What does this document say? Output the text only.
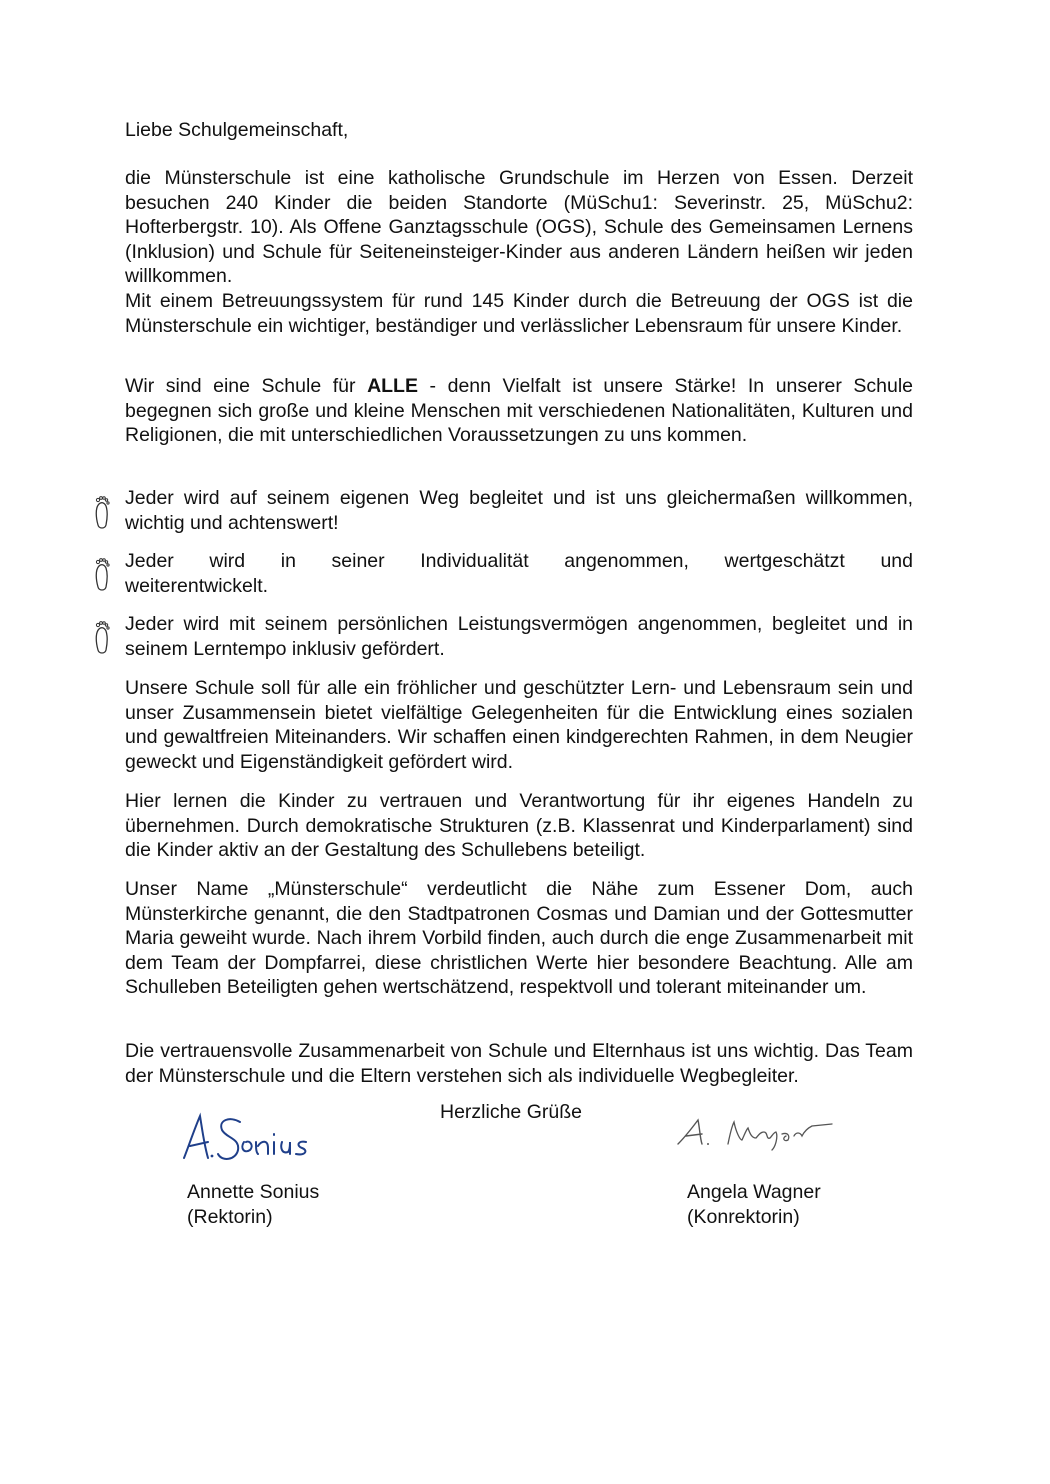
Liebe Schulgemeinschaft,

die Münsterschule ist eine katholische Grundschule im Herzen von Essen. Derzeit besuchen 240 Kinder die beiden Standorte (MüSchu1: Severinstr. 25, MüSchu2: Hofterbergstr. 10). Als Offene Ganztagsschule (OGS), Schule des Gemeinsamen Lernens (Inklusion) und Schule für Seiteneinsteiger-Kinder aus anderen Ländern heißen wir jeden willkommen.
Mit einem Betreuungssystem für rund 145 Kinder durch die Betreuung der OGS ist die Münsterschule ein wichtiger, beständiger und verlässlicher Lebensraum für unsere Kinder.

Wir sind eine Schule für ALLE - denn Vielfalt ist unsere Stärke! In unserer Schule begegnen sich große und kleine Menschen mit verschiedenen Nationalitäten, Kulturen und Religionen, die mit unterschiedlichen Voraussetzungen zu uns kommen.

Jeder wird auf seinem eigenen Weg begleitet und ist uns gleichermaßen willkommen, wichtig und achtenswert!

Jeder wird in seiner Individualität angenommen, wertgeschätzt und
weiterentwickelt.

Jeder wird mit seinem persönlichen Leistungsvermögen angenommen, begleitet und in seinem Lerntempo inklusiv gefördert.

Unsere Schule soll für alle ein fröhlicher und geschützter Lern- und Lebensraum sein und unser Zusammensein bietet vielfältige Gelegenheiten für die Entwicklung eines sozialen und gewaltfreien Miteinanders. Wir schaffen einen kindgerechten Rahmen, in dem Neugier geweckt und Eigenständigkeit gefördert wird.

Hier lernen die Kinder zu vertrauen und Verantwortung für ihr eigenes Handeln zu übernehmen. Durch demokratische Strukturen (z.B. Klassenrat und Kinderparlament) sind die Kinder aktiv an der Gestaltung des Schullebens beteiligt.

Unser Name „Münsterschule“ verdeutlicht die Nähe zum Essener Dom, auch Münsterkirche genannt, die den Stadtpatronen Cosmas und Damian und der Gottesmutter Maria geweiht wurde. Nach ihrem Vorbild finden, auch durch die enge Zusammenarbeit mit dem Team der Dompfarrei, diese christlichen Werte hier besondere Beachtung. Alle am Schulleben Beteiligten gehen wertschätzend, respektvoll und tolerant miteinander um.

Die vertrauensvolle Zusammenarbeit von Schule und Elternhaus ist uns wichtig. Das Team der Münsterschule und die Eltern verstehen sich als individuelle Wegbegleiter.

Herzliche Grüße

Annette Sonius
(Rektorin)

Angela Wagner
(Konrektorin)
